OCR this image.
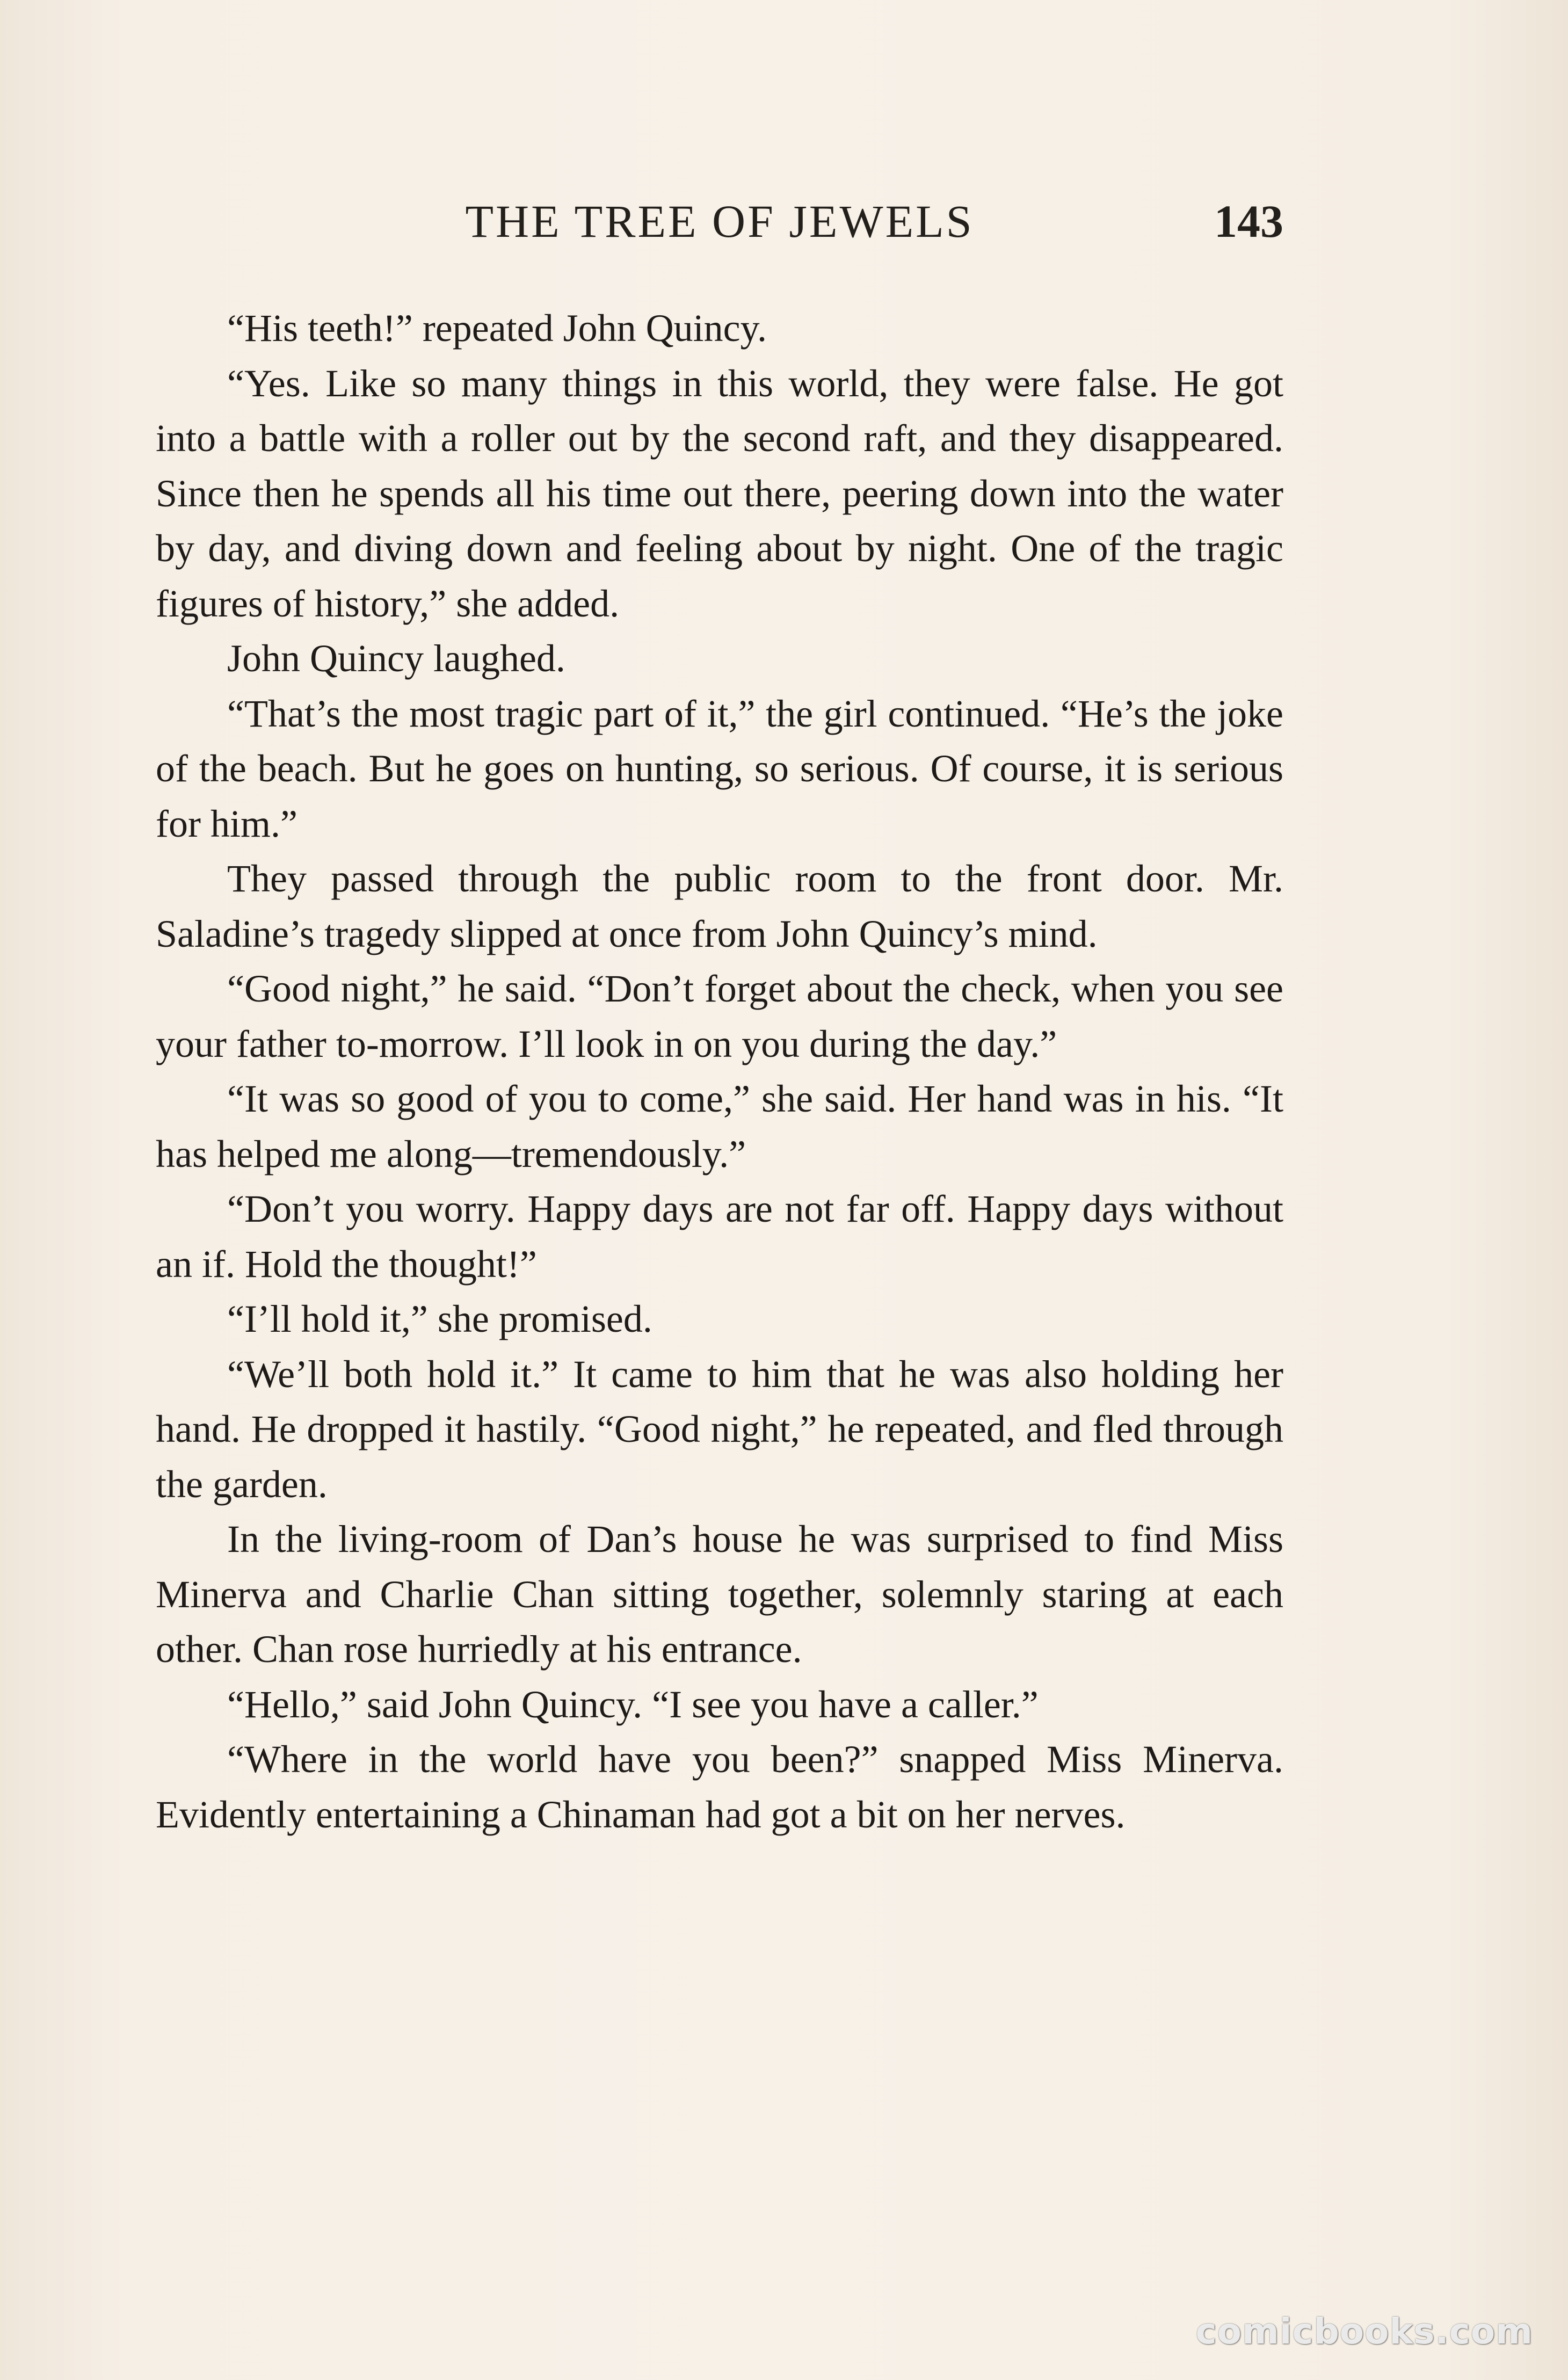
THE TREE OF JEWELS	143

“His teeth!” repeated John Quincy.

“Yes. Like so many things in this world, they were false. He got into a battle with a roller out by the second raft, and they disappeared. Since then he spends all his time out there, peering down into the water by day, and diving down and feeling about by night. One of the tragic figures of history,” she added.

John Quincy laughed.

“That’s the most tragic part of it,” the girl continued. “He’s the joke of the beach. But he goes on hunting, so serious. Of course, it is serious for him.”

They passed through the public room to the front door. Mr. Saladine’s tragedy slipped at once from John Quincy’s mind.

“Good night,” he said. “Don’t forget about the check, when you see your father to-morrow. I’ll look in on you during the day.”

“It was so good of you to come,” she said. Her hand was in his. “It has helped me along—tremendously.”

“Don’t you worry. Happy days are not far off. Happy days without an if. Hold the thought!”

“I’ll hold it,” she promised.

“We’ll both hold it.” It came to him that he was also holding her hand. He dropped it hastily. “Good night,” he repeated, and fled through the garden.

In the living-room of Dan’s house he was surprised to find Miss Minerva and Charlie Chan sitting together, solemnly staring at each other. Chan rose hurriedly at his entrance.

“Hello,” said John Quincy. “I see you have a caller.”

“Where in the world have you been?” snapped Miss Minerva. Evidently entertaining a Chinaman had got a bit on her nerves.

comicbooks.com
